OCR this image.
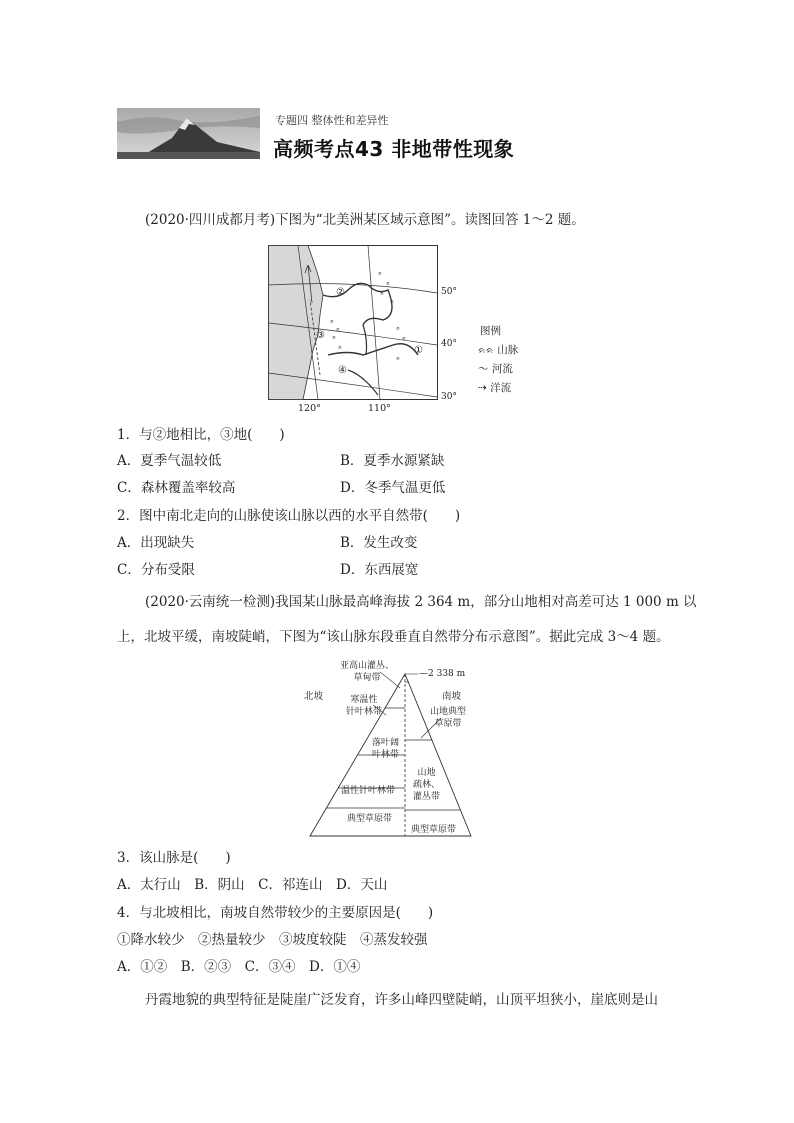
专题四 整体性和差异性
高频考点43 非地带性现象
(2020·四川成都月考)下图为“北美洲某区域示意图”。读图回答 1～2 题。
ᨑ
ᨑ
ᨑ
ᨑ
ᨑ
ᨑ
ᨑ
ᨑ
ᨑ
ᨑ
ᨑ
②
③
①
④
50°
40°
30°
120°	110°
图例
ᨑᨑ 山脉
〜 河流
⇢ 洋流
1．与②地相比，③地(　　)
A．夏季气温较低	B．夏季水源紧缺
C．森林覆盖率较高	D．冬季气温更低
2．图中南北走向的山脉使该山脉以西的水平自然带(　　)
A．出现缺失	B．发生改变
C．分布受限	D．东西展宽
(2020·云南统一检测)我国某山脉最高峰海拔 2 364 m，部分山地相对高差可达 1 000 m 以
上，北坡平缓，南坡陡峭，下图为“该山脉东段垂直自然带分布示意图”。据此完成 3～4 题。
—2 338 m
北坡	南坡
亚高山灌丛、
草甸带
寒温性
针叶林带
落叶阔
叶林带
温性针叶林带
典型草原带
山地典型
草原带
山地
疏林、
灌丛带
典型草原带
3．该山脉是(　　)
A．太行山　B．阴山　C．祁连山　D．天山
4．与北坡相比，南坡自然带较少的主要原因是(　　)
①降水较少　②热量较少　③坡度较陡　④蒸发较强
A．①②　B．②③　C．③④　D．①④
丹霞地貌的典型特征是陡崖广泛发育，许多山峰四壁陡峭，山顶平坦狭小，崖底则是山
